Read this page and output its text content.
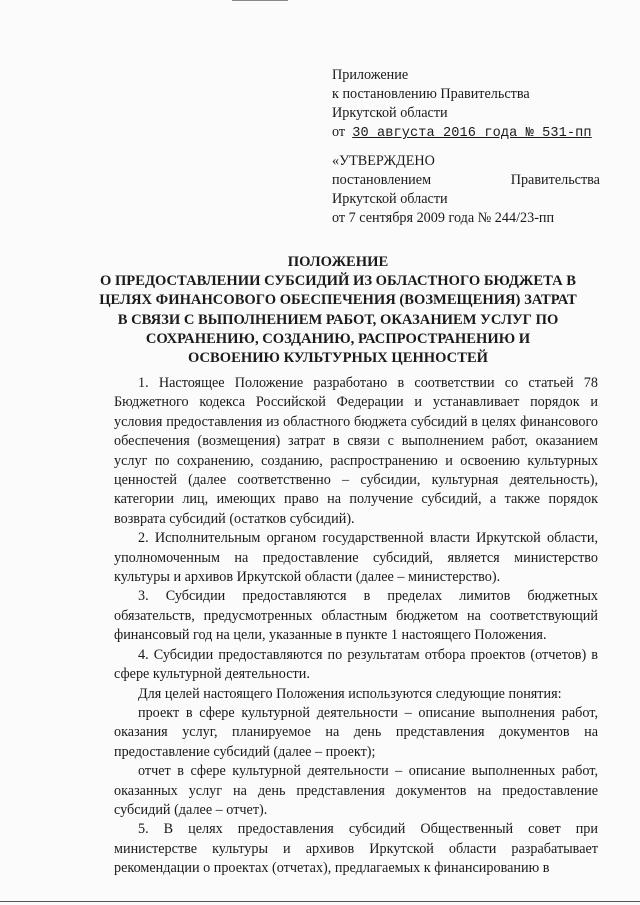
Приложение
к постановлению Правительства
Иркутской области
от 30 августа 2016 года № 531-пп
«УТВЕРЖДЕНО
постановлением	Правительства
Иркутской области
от 7 сентября 2009 года № 244/23-пп
ПОЛОЖЕНИЕ
О ПРЕДОСТАВЛЕНИИ СУБСИДИЙ ИЗ ОБЛАСТНОГО БЮДЖЕТА В
ЦЕЛЯХ ФИНАНСОВОГО ОБЕСПЕЧЕНИЯ (ВОЗМЕЩЕНИЯ) ЗАТРАТ
В СВЯЗИ С ВЫПОЛНЕНИЕМ РАБОТ, ОКАЗАНИЕМ УСЛУГ ПО
СОХРАНЕНИЮ, СОЗДАНИЮ, РАСПРОСТРАНЕНИЮ И
ОСВОЕНИЮ КУЛЬТУРНЫХ ЦЕННОСТЕЙ

1. Настоящее Положение разработано в соответствии со статьей 78 Бюджетного кодекса Российской Федерации и устанавливает порядок и условия предоставления из областного бюджета субсидий в целях финансового обеспечения (возмещения) затрат в связи с выполнением работ, оказанием услуг по сохранению, созданию, распространению и освоению культурных ценностей (далее соответственно – субсидии, культурная деятельность), категории лиц, имеющих право на получение субсидий, а также порядок возврата субсидий (остатков субсидий).

2. Исполнительным органом государственной власти Иркутской области, уполномоченным на предоставление субсидий, является министерство культуры и архивов Иркутской области (далее – министерство).

3. Субсидии предоставляются в пределах лимитов бюджетных обязательств, предусмотренных областным бюджетом на соответствующий финансовый год на цели, указанные в пункте 1 настоящего Положения.

4. Субсидии предоставляются по результатам отбора проектов (отчетов) в сфере культурной деятельности.

Для целей настоящего Положения используются следующие понятия:

проект в сфере культурной деятельности – описание выполнения работ, оказания услуг, планируемое на день представления документов на предоставление субсидий (далее – проект);

отчет в сфере культурной деятельности – описание выполненных работ, оказанных услуг на день представления документов на предоставление субсидий (далее – отчет).

5. В целях предоставления субсидий Общественный совет при министерстве культуры и архивов Иркутской области разрабатывает рекомендации о проектах (отчетах), предлагаемых к финансированию в
